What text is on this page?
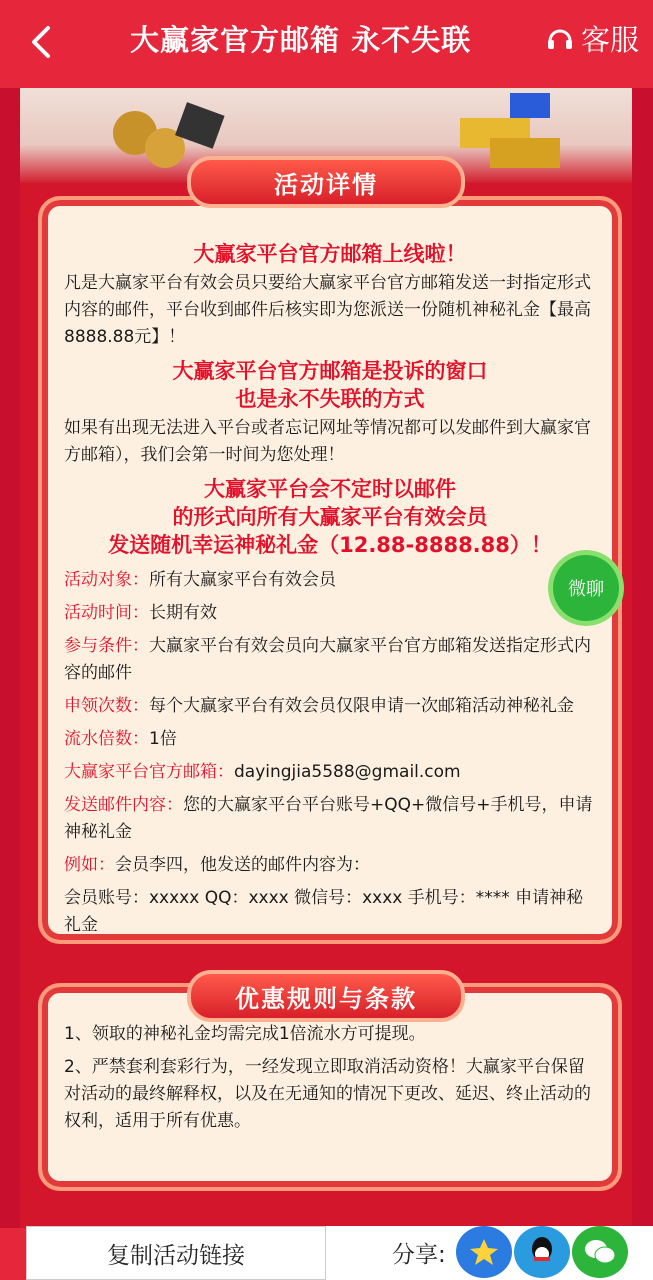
大赢家官方邮箱 永不失联	客服
大赢家平台官方邮箱上线啦！
凡是大赢家平台有效会员只要给大赢家平台官方邮箱发送一封指定形式内容的邮件，平台收到邮件后核实即为您派送一份随机神秘礼金【最高8888.88元】！
大赢家平台官方邮箱是投诉的窗口
也是永不失联的方式
如果有出现无法进入平台或者忘记网址等情况都可以发邮件到大赢家官方邮箱），我们会第一时间为您处理！
大赢家平台会不定时以邮件
的形式向所有大赢家平台有效会员
发送随机幸运神秘礼金（12.88-8888.88）！
活动对象：所有大赢家平台有效会员
活动时间：长期有效
参与条件：大赢家平台有效会员向大赢家平台官方邮箱发送指定形式内容的邮件
申领次数：每个大赢家平台有效会员仅限申请一次邮箱活动神秘礼金
流水倍数：1倍
大赢家平台官方邮箱：dayingjia5588@gmail.com
发送邮件内容：您的大赢家平台平台账号+QQ+微信号+手机号，申请神秘礼金
例如：会员李四，他发送的邮件内容为：
会员账号：xxxxx QQ：xxxx 微信号：xxxx 手机号：**** 申请神秘礼金
1、领取的神秘礼金均需完成1倍流水方可提现。
2、严禁套利套彩行为，一经发现立即取消活动资格！大赢家平台保留对活动的最终解释权，以及在无通知的情况下更改、延迟、终止活动的权利，适用于所有优惠。
活动详情
优惠规则与条款
微聊
复制活动链接	分享:
